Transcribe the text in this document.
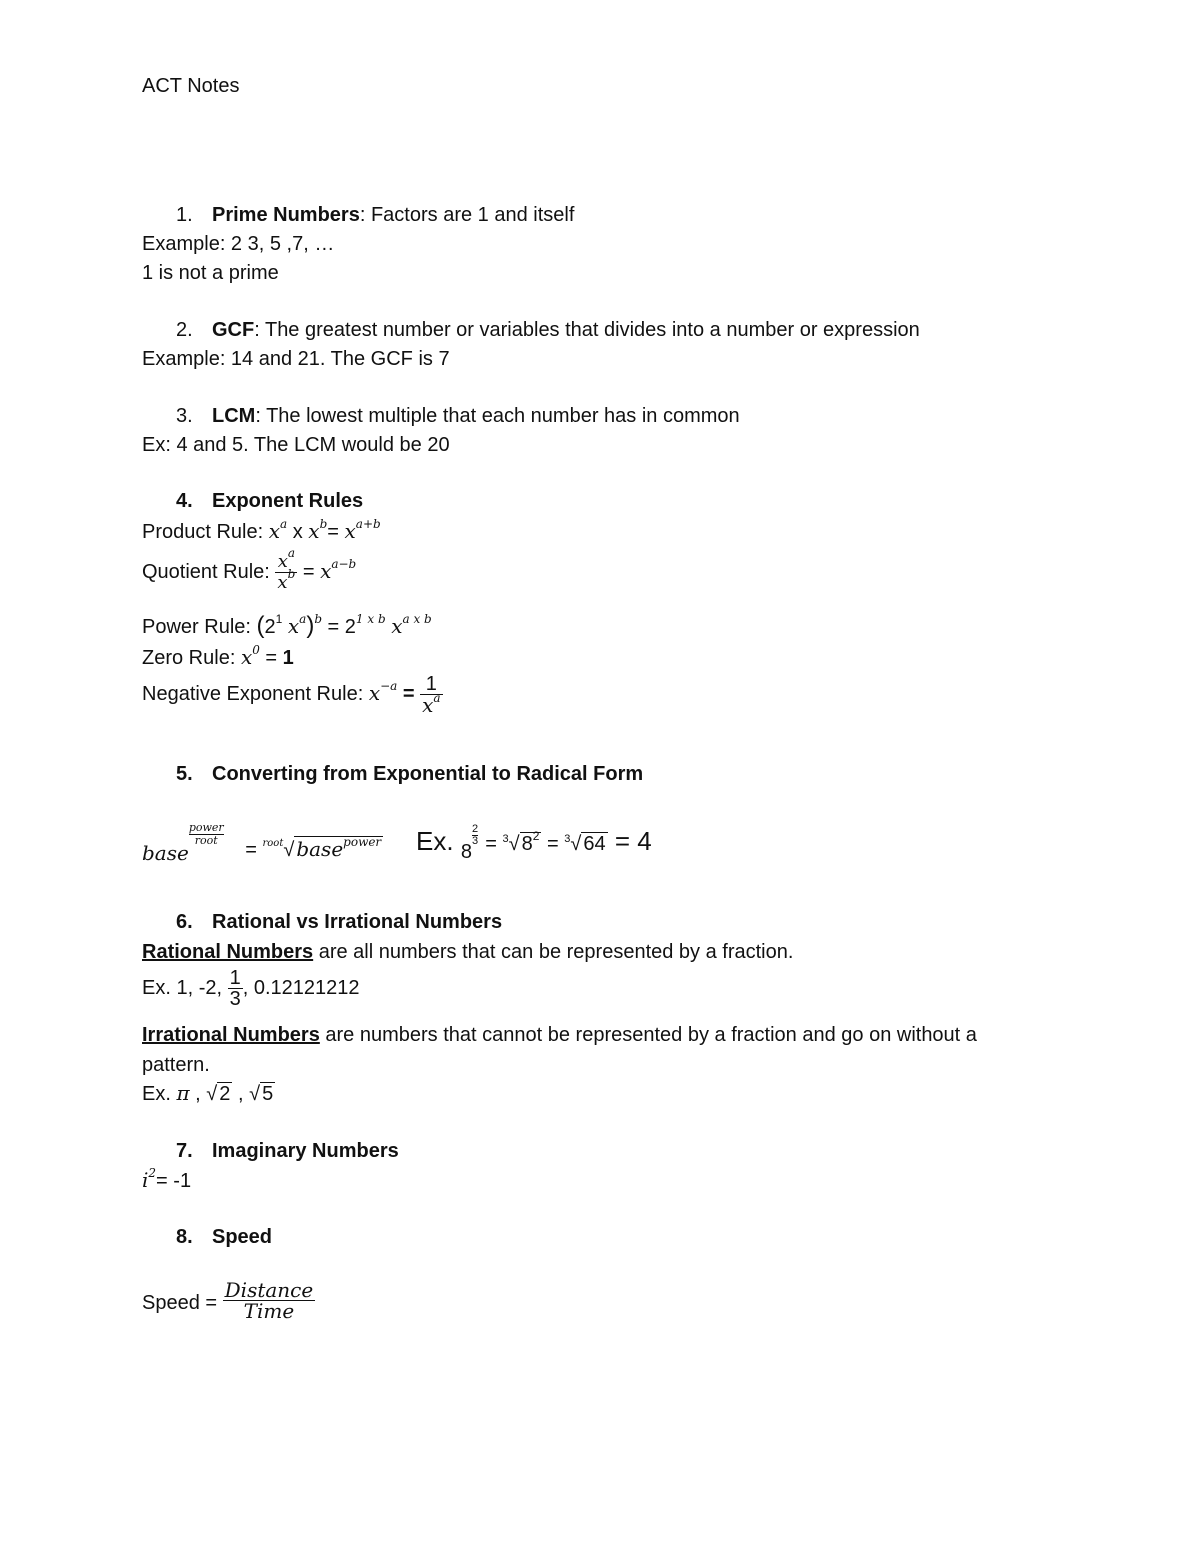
ACT Notes
1. Prime Numbers: Factors are 1 and itself
Example: 2 3, 5 ,7, …
1 is not a prime
2. GCF: The greatest number or variables that divides into a number or expression
Example: 14 and 21. The GCF is 7
3. LCM: The lowest multiple that each number has in common
Ex: 4 and 5. The LCM would be 20
4. Exponent Rules
Product Rule: $x^a$ x $x^b= x^{a+b}$
Quotient Rule: $\frac{x^a}{x^b} = x^{a-b}$
Power Rule: ($2^1$ $x^a)^b = 2^{1 x b}$ $x^{a x b}$
Zero Rule: $x^0 = 1$
Negative Exponent Rule: $x^{-a} = \frac{1}{x^a}$
5. Converting from Exponential to Radical Form
base
power
root = $^{root}$√ base$^{power}$ Ex. $_8$
$\frac{2}{3} = ^3√$ $8^2 = ^3√$ 64 = 4
6. Rational vs Irrational Numbers
Rational Numbers are all numbers that can be represented by a fraction.
Ex. 1, -2, $\frac{1}{3}$ , 0.12121212
Irrational Numbers are numbers that cannot be represented by a fraction and go on without a
pattern.
Ex. π , √ 2 , √ 5
7. Imaginary Numbers
$i^2= -1$
8. Speed
Speed = $\frac{\text{Distance}}{\text{Time}}$
